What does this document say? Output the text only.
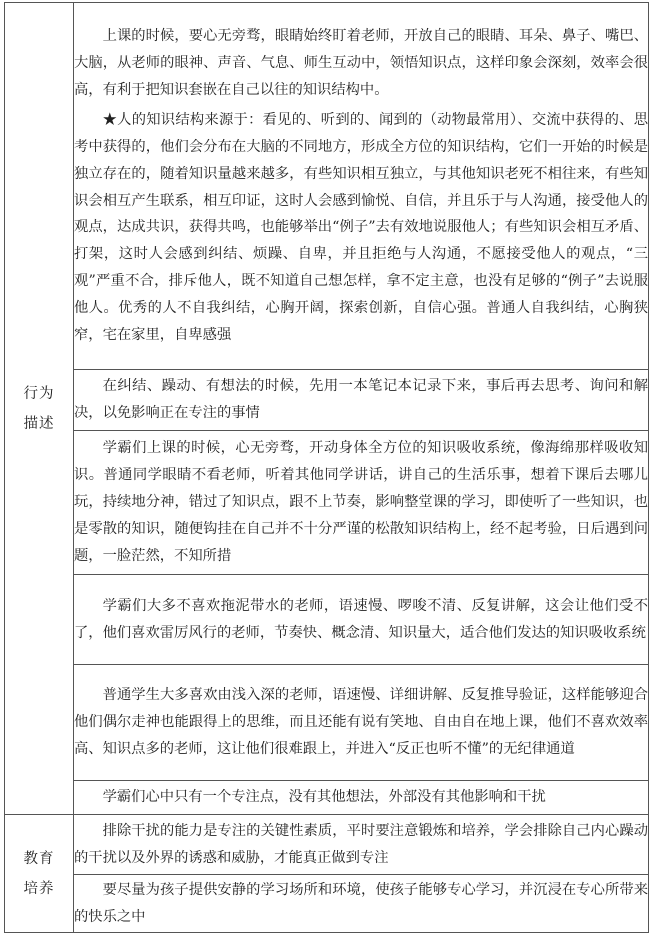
行为描述	上课的时候，要心无旁骛，眼睛始终盯着老师，开放自己的眼睛、耳朵、鼻子、嘴巴、大脑，从老师的眼神、声音、气息、师生互动中，领悟知识点，这样印象会深刻，效率会很高，有利于把知识套嵌在自己以往的知识结构中。

★人的知识结构来源于：看见的、听到的、闻到的（动物最常用）、交流中获得的、思考中获得的，他们会分布在大脑的不同地方，形成全方位的知识结构，它们一开始的时候是独立存在的，随着知识量越来越多，有些知识相互独立，与其他知识老死不相往来，有些知识会相互产生联系，相互印证，这时人会感到愉悦、自信，并且乐于与人沟通，接受他人的观点，达成共识，获得共鸣，也能够举出“例子”去有效地说服他人；有些知识会相互矛盾、打架，这时人会感到纠结、烦躁、自卑，并且拒绝与人沟通，不愿接受他人的观点，“三观”严重不合，排斥他人，既不知道自己想怎样，拿不定主意，也没有足够的“例子”去说服他人。优秀的人不自我纠结，心胸开阔，探索创新，自信心强。普通人自我纠结，心胸狭窄，宅在家里，自卑感强

	在纠结、躁动、有想法的时候，先用一本笔记本记录下来，事后再去思考、询问和解决，以免影响正在专注的事情

	学霸们上课的时候，心无旁骛，开动身体全方位的知识吸收系统，像海绵那样吸收知识。普通同学眼睛不看老师，听着其他同学讲话，讲自己的生活乐事，想着下课后去哪儿玩，持续地分神，错过了知识点，跟不上节奏，影响整堂课的学习，即使听了一些知识，也是零散的知识，随便钩挂在自己并不十分严谨的松散知识结构上，经不起考验，日后遇到问题，一脸茫然，不知所措

	学霸们大多不喜欢拖泥带水的老师，语速慢、啰唆不清、反复讲解，这会让他们受不了，他们喜欢雷厉风行的老师，节奏快、概念清、知识量大，适合他们发达的知识吸收系统

	普通学生大多喜欢由浅入深的老师，语速慢、详细讲解、反复推导验证，这样能够迎合他们偶尔走神也能跟得上的思维，而且还能有说有笑地、自由自在地上课，他们不喜欢效率高、知识点多的老师，这让他们很难跟上，并进入“反正也听不懂”的无纪律通道

	学霸们心中只有一个专注点，没有其他想法，外部没有其他影响和干扰

教育培养	排除干扰的能力是专注的关键性素质，平时要注意锻炼和培养，学会排除自己内心躁动的干扰以及外界的诱惑和威胁，才能真正做到专注

	要尽量为孩子提供安静的学习场所和环境，使孩子能够专心学习，并沉浸在专心所带来的快乐之中
